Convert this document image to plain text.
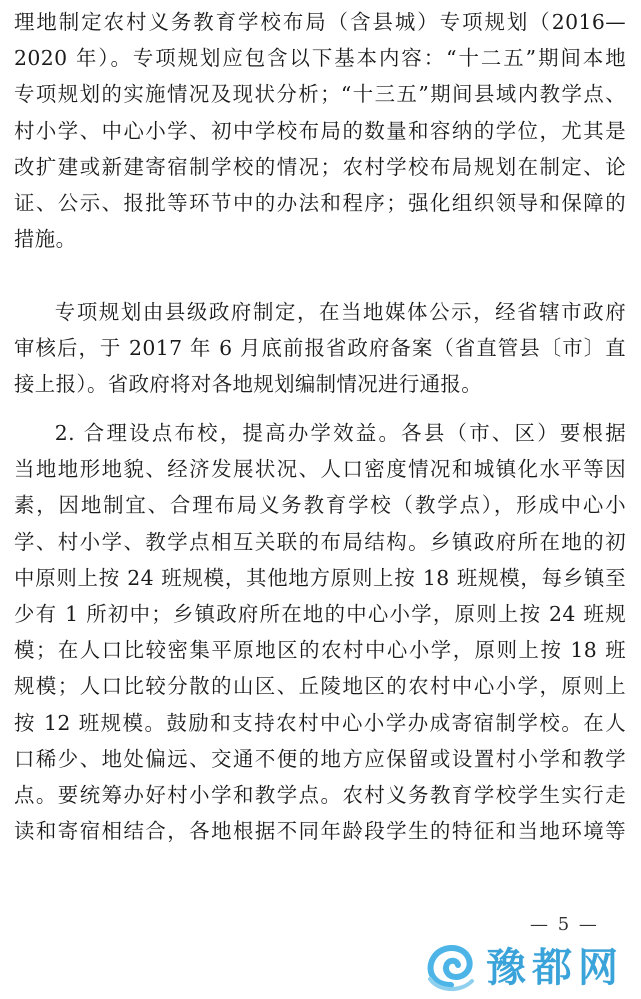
理地制定农村义务教育学校布局（含县城）专项规划（2016—
2020 年）。专项规划应包含以下基本内容：“十二五”期间本地
专项规划的实施情况及现状分析；“十三五”期间县域内教学点、
村小学、中心小学、初中学校布局的数量和容纳的学位，尤其是
改扩建或新建寄宿制学校的情况；农村学校布局规划在制定、论
证、公示、报批等环节中的办法和程序；强化组织领导和保障的
措施。
专项规划由县级政府制定，在当地媒体公示，经省辖市政府
审核后，于 2017 年 6 月底前报省政府备案（省直管县〔市〕直
接上报）。省政府将对各地规划编制情况进行通报。
2. 合理设点布校，提高办学效益。各县（市、区）要根据
当地地形地貌、经济发展状况、人口密度情况和城镇化水平等因
素，因地制宜、合理布局义务教育学校（教学点），形成中心小
学、村小学、教学点相互关联的布局结构。乡镇政府所在地的初
中原则上按 24 班规模，其他地方原则上按 18 班规模，每乡镇至
少有 1 所初中；乡镇政府所在地的中心小学，原则上按 24 班规
模；在人口比较密集平原地区的农村中心小学，原则上按 18 班
规模；人口比较分散的山区、丘陵地区的农村中心小学，原则上
按 12 班规模。鼓励和支持农村中心小学办成寄宿制学校。在人
口稀少、地处偏远、交通不便的地方应保留或设置村小学和教学
点。要统筹办好村小学和教学点。农村义务教育学校学生实行走
读和寄宿相结合，各地根据不同年龄段学生的特征和当地环境等
— 5 —
豫都网
